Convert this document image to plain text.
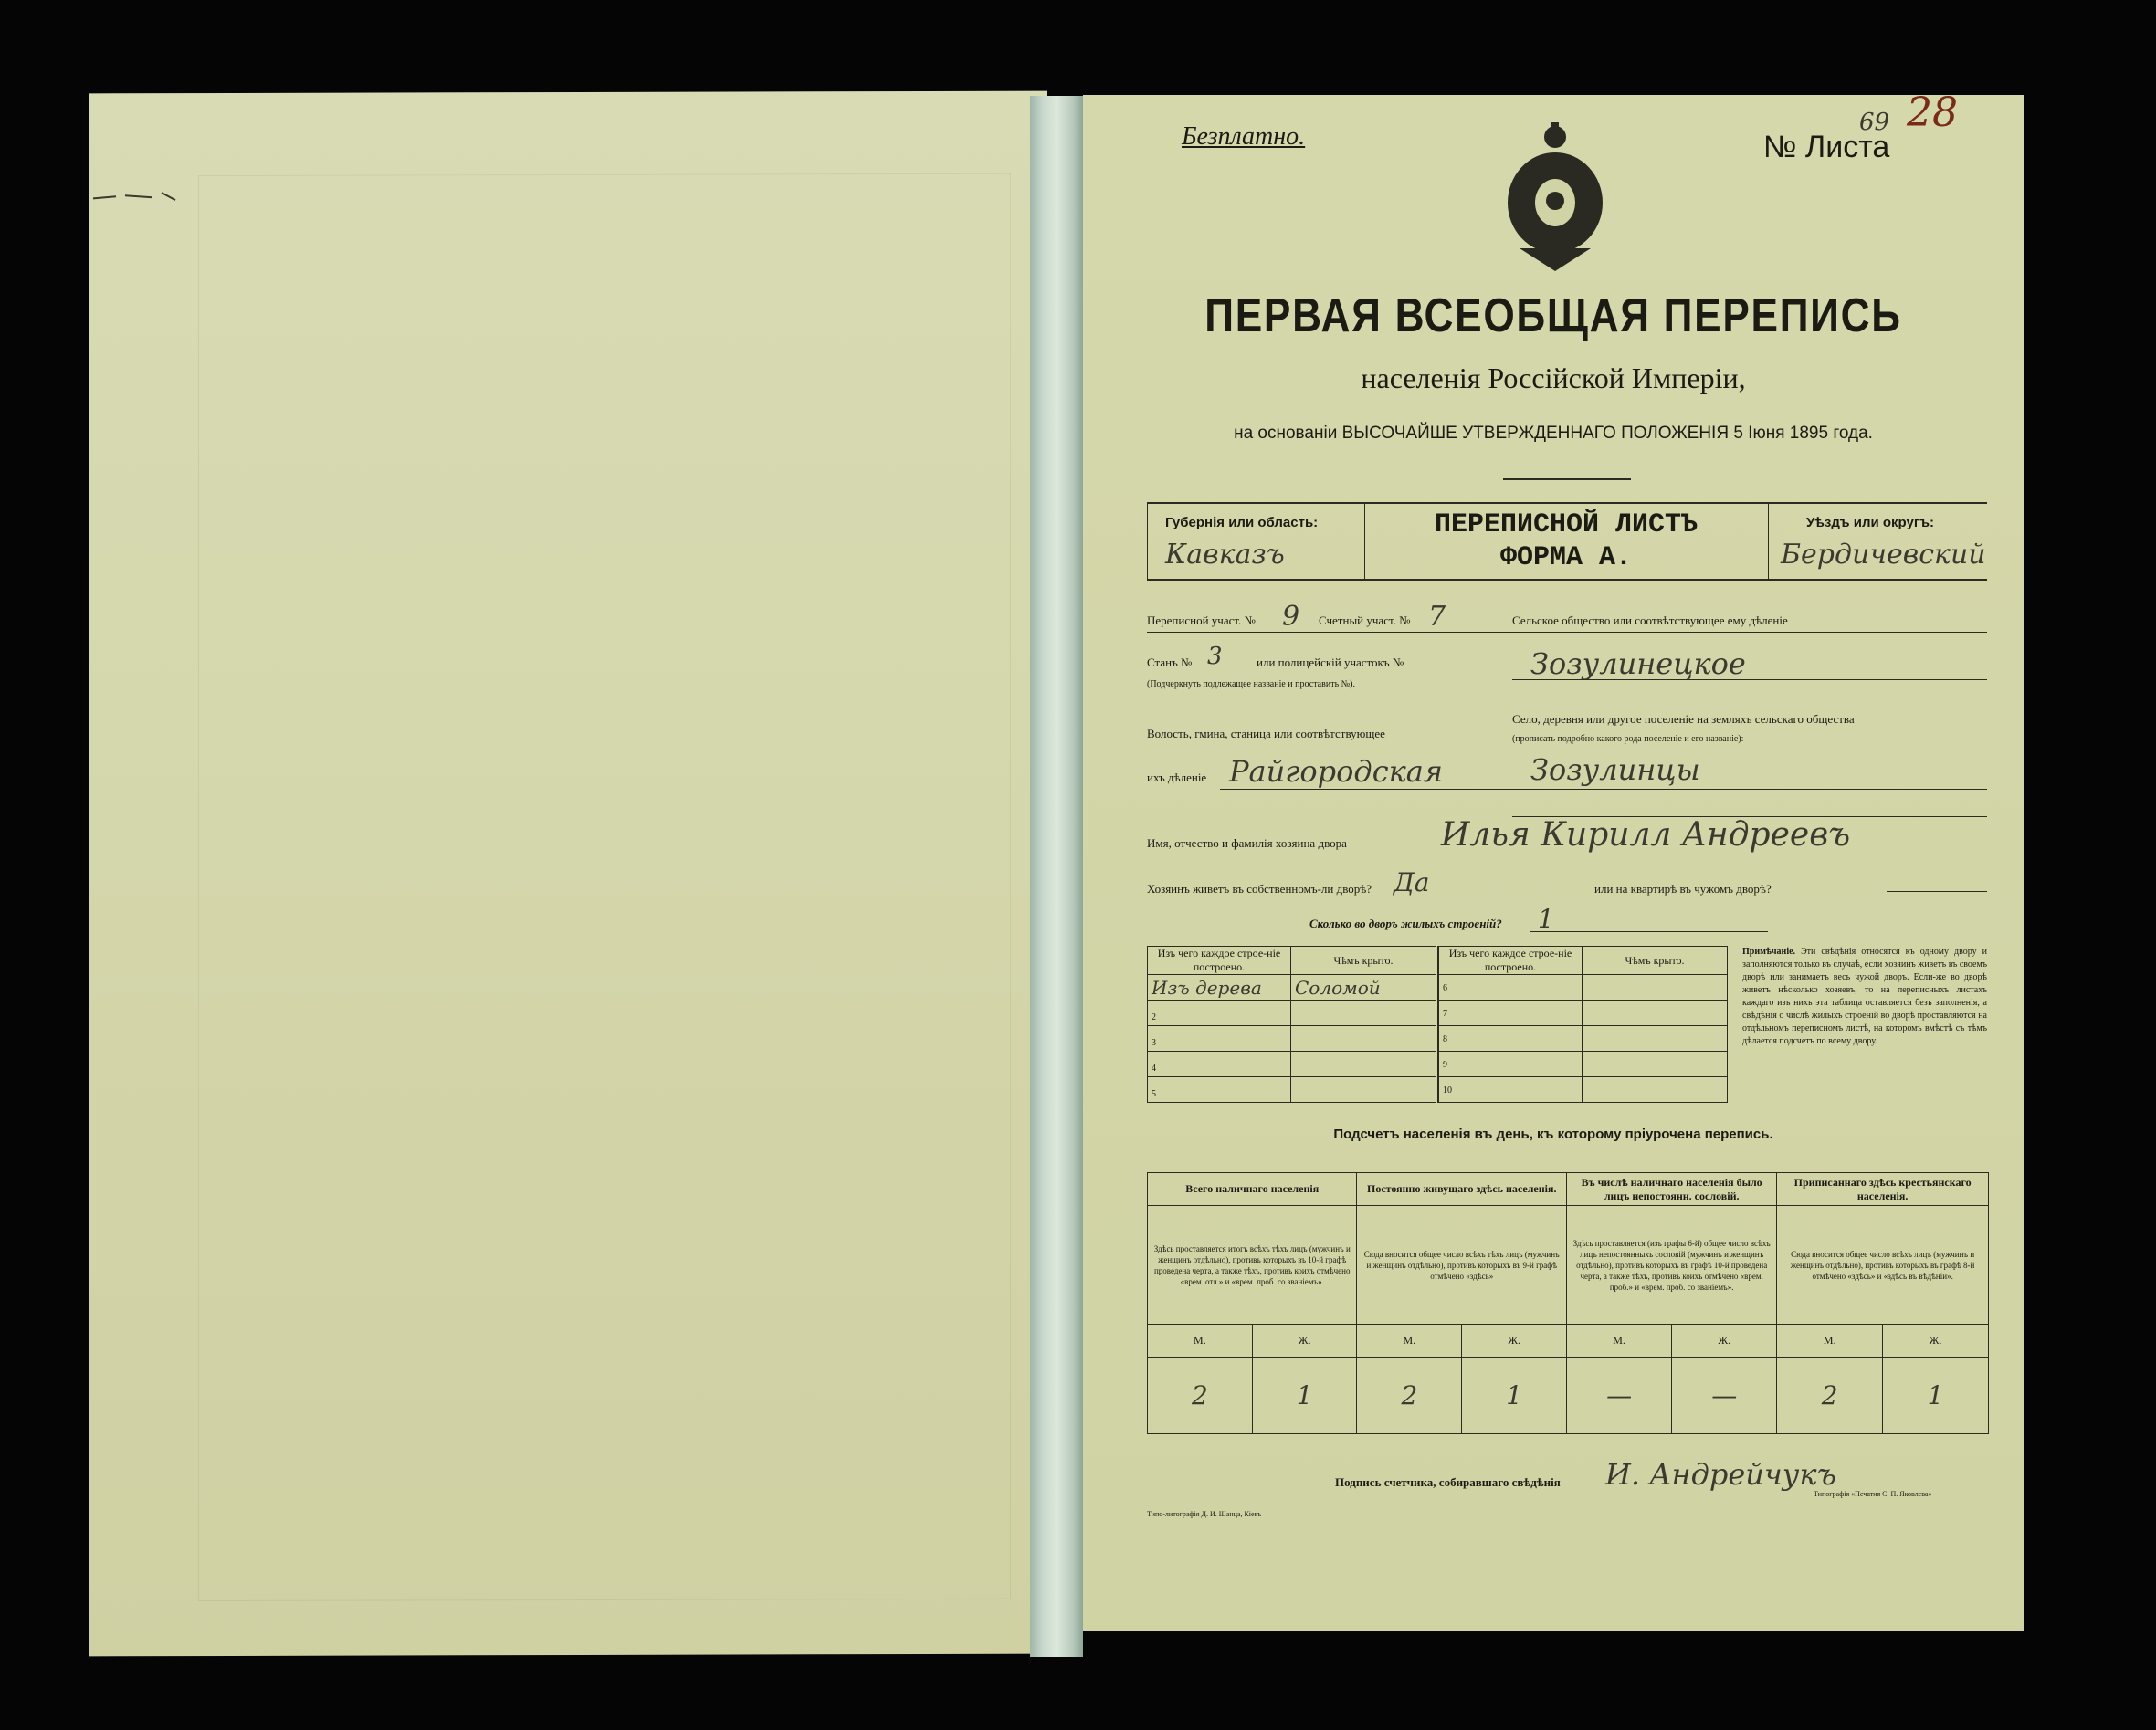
Безплатно.	№ Листа
69 28
ПЕРВАЯ ВСЕОБЩАЯ ПЕРЕПИСЬ
населенія Россійской Имперіи,
на основаніи ВЫСОЧАЙШЕ УТВЕРЖДЕННАГО ПОЛОЖЕНІЯ 5 Іюня 1895 года.
Губернія или область:
Кавказъ
ПЕРЕПИСНОЙ ЛИСТЪ
ФОРМА А.
Уѣздъ или округъ:
Бердичевский
Переписной участ. № 9 Счетный участ. № 7
Станъ № 3	или полицейскій участокъ №
(Подчеркнуть подлежащее названіе и проставить №).
Волость, гмина, станица или соотвѣтствующее
ихъ дѣленіе Райгородская
Сельское общество или соотвѣтствующее ему дѣленіе
Зозулинецкое
Село, деревня или другое поселеніе на земляхъ сельскаго общества
(прописать подробно какого рода поселеніе и его названіе):
Зозулинцы
Имя, отчество и фамилія хозяина двора	Илья Кирилл Андреевъ
Хозяинъ живетъ въ собственномъ-ли дворѣ? Да	или на квартирѣ въ чужомъ дворѣ?
Сколько во дворъ жилыхъ строеній? 1
Изъ чего каждое строе-нiе построено.	Чѣмъ крыто.		Изъ чего каждое строе-нiе построено.	Чѣмъ крыто.
Изъ дерева	Соломой		6	
2			7	
3			8	
4			9	
5			10	
Примѣчаніе. Эти свѣдѣнія относятся къ одному двору и заполняются только въ случаѣ, если хозяинъ живетъ въ своемъ дворѣ или занимаетъ весь чужой дворъ. Если-же во дворѣ живетъ нѣсколько хозяевъ, то на переписныхъ листахъ каждаго изъ нихъ эта таблица оставляется безъ заполненія, а свѣдѣнія о числѣ жилыхъ строеній во дворѣ проставляются на отдѣльномъ переписномъ листѣ, на которомъ вмѣстѣ съ тѣмъ дѣлается подсчетъ по всему двору.
Подсчетъ населенія въ день, къ которому пріурочена перепись.
Всего наличнаго населенія		Постоянно живущаго здѣсь населенія.		Въ числѣ наличнаго населенія было лицъ непостоянн. сословій.		Приписаннаго здѣсь крестьянскаго населенія.	
Здѣсь проставляется итогъ всѣхъ тѣхъ лицъ (мужчинъ и женщинъ отдѣльно), противъ которыхъ въ 10-й графѣ проведена черта, а также тѣхъ, противъ коихъ отмѣчено «врем. отл.» и «врем. проб. со званіемъ».		Сюда вносится общее число всѣхъ тѣхъ лицъ (мужчинъ и женщинъ отдѣльно), противъ которыхъ въ 9-й графѣ отмѣчено «здѣсь»		Здѣсь проставляется (изъ графы 6-й) общее число всѣхъ лицъ непостоянныхъ сословій (мужчинъ и женщинъ отдѣльно), противъ которыхъ въ графѣ 10-й проведена черта, а также тѣхъ, противъ коихъ отмѣчено «врем. проб.» и «врем. проб. со званіемъ».		Сюда вносится общее число всѣхъ лицъ (мужчинъ и женщинъ отдѣльно), противъ которыхъ въ графѣ 8-й отмѣчено «здѣсь» и «здѣсь въ вѣдѣніи».	
М.	Ж.	М.	Ж.	М.	Ж.	М.	Ж.
2	1	2	1	—	—	2	1
Подпись счетчика, собиравшаго свѣдѣнія И. Андрейчукъ
Типо-литографія Д. И. Шанца, Кіевъ
Типографія «Печатня С. П. Яковлева»
